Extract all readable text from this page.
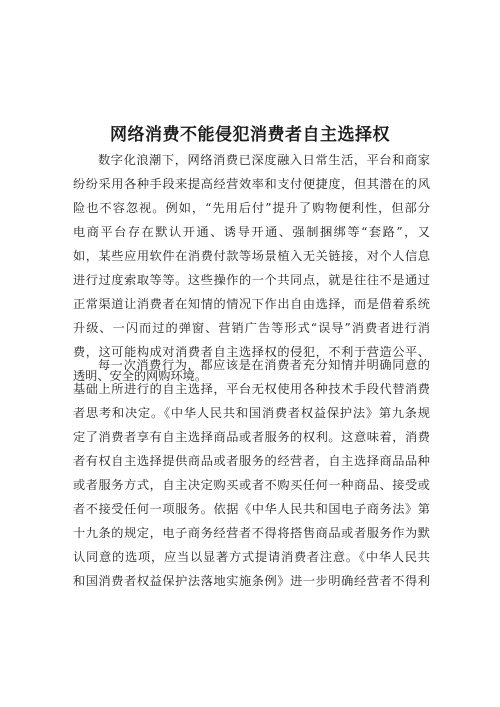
网络消费不能侵犯消费者自主选择权
数字化浪潮下，网络消费已深度融入日常生活，平台和商家
纷纷采用各种手段来提高经营效率和支付便捷度，但其潜在的风
险也不容忽视。例如，“先用后付”提升了购物便利性，但部分
电商平台存在默认开通、诱导开通、强制捆绑等“套路”，又
如，某些应用软件在消费付款等场景植入无关链接，对个人信息
进行过度索取等等。这些操作的一个共同点，就是往往不是通过
正常渠道让消费者在知情的情况下作出自由选择，而是借着系统
升级、一闪而过的弹窗、营销广告等形式“误导”消费者进行消
费，这可能构成对消费者自主选择权的侵犯，不利于营造公平、
透明、安全的网购环境。
每一次消费行为，都应该是在消费者充分知情并明确同意的
基础上所进行的自主选择，平台无权使用各种技术手段代替消费
者思考和决定。《中华人民共和国消费者权益保护法》第九条规
定了消费者享有自主选择商品或者服务的权利。这意味着，消费
者有权自主选择提供商品或者服务的经营者，自主选择商品品种
或者服务方式，自主决定购买或者不购买任何一种商品、接受或
者不接受任何一项服务。依据《中华人民共和国电子商务法》第
十九条的规定，电子商务经营者不得将搭售商品或者服务作为默
认同意的选项，应当以显著方式提请消费者注意。《中华人民共
和国消费者权益保护法落地实施条例》进一步明确经营者不得利
